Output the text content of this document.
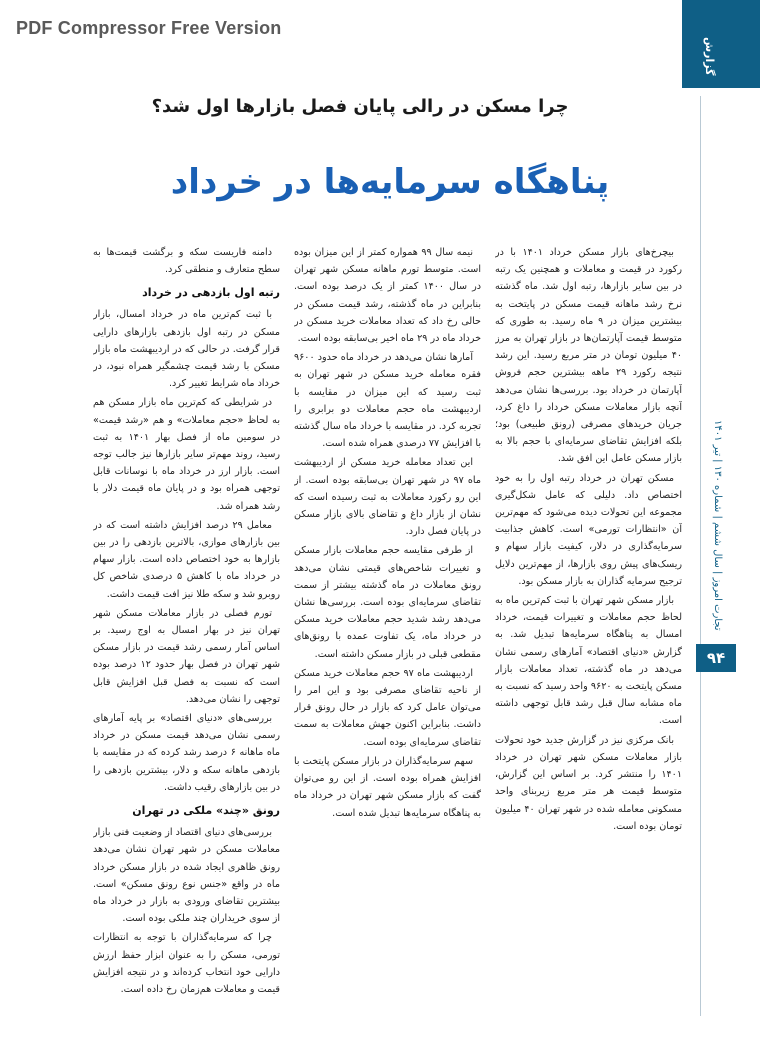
PDF Compressor Free Version
گزارش
تجارت امروز | سال ششم | شماره ۱۳۰ | تیر ۱۴۰۱
۹۴
چرا مسکن در رالی پایان فصل بازارها اول شد؟
پناهگاه سرمایه‌ها در خرداد

بیچرخ‌های بازار مسکن خرداد ۱۴۰۱ با در رکورد در قیمت و معاملات و همچنین یک رتبه در بین سایر بازارها، رتبه اول شد. ماه گذشته نرخ رشد ماهانه قیمت مسکن در پایتخت به بیشترین میزان در ۹ ماه رسید. به طوری که متوسط قیمت آپارتمان‌ها در بازار تهران به مرز ۴۰ میلیون تومان در متر مربع رسید. این رشد نتیجه رکورد ۲۹ ماهه بیشترین حجم فروش آپارتمان در خرداد بود. بررسی‌ها نشان می‌دهد آنچه بازار معاملات مسکن خرداد را داغ کرد، جریان خریدهای مصرفی (رونق طبیعی) بود؛ بلکه افزایش تقاضای سرمایه‌ای با حجم بالا به بازار مسکن عامل این افق شد.

مسکن تهران در خرداد رتبه اول را به خود اختصاص داد. دلیلی که عامل شکل‌گیری مجموعه این تحولات دیده می‌شود که مهم‌ترین آن «انتظارات تورمی» است. کاهش جذابیت سرمایه‌گذاری در دلار، کیفیت بازار سهام و ریسک‌های پیش روی بازارها، از مهم‌ترین دلایل ترجیح سرمایه‌ گذاران به بازار مسکن بود.

بازار مسکن شهر تهران با ثبت کم‌ترین ماه به لحاظ حجم معاملات و تغییرات قیمت، خرداد امسال به پناهگاه سرمایه‌ها تبدیل شد. به گزارش «دنیای اقتصاد» آمارهای رسمی نشان می‌دهد در ماه گذشته، تعداد معاملات بازار مسکن پایتخت به ۹۶۲۰ واحد رسید که نسبت به ماه مشابه سال قبل رشد قابل توجهی داشته است.

بانک مرکزی نیز در گزارش جدید خود تحولات بازار معاملات مسکن شهر تهران در خرداد ۱۴۰۱ را منتشر کرد. بر اساس این گزارش، متوسط قیمت هر متر مربع زیربنای واحد مسکونی معامله شده در شهر تهران ۴۰ میلیون تومان بوده است.

نیمه سال ۹۹ همواره کمتر از این میزان بوده است. متوسط تورم ماهانه مسکن شهر تهران در سال ۱۴۰۰ کمتر از یک درصد بوده است. بنابراین در ماه گذشته، رشد قیمت مسکن در حالی رخ داد که تعداد معاملات خرید مسکن در خرداد ماه در ۲۹ ماه اخیر بی‌سابقه بوده است.

آمارها نشان می‌دهد در خرداد ماه حدود ۹۶۰۰ فقره معامله خرید مسکن در شهر تهران به ثبت رسید که این میزان در مقایسه با اردیبهشت ماه حجم معاملات دو برابری را تجربه کرد. در مقایسه با خرداد ماه سال گذشته با افزایش ۷۷ درصدی همراه شده است.

این تعداد معامله خرید مسکن از اردیبهشت ماه ۹۷ در شهر تهران بی‌سابقه بوده است. از این رو رکورد معاملات به ثبت رسیده است که نشان از بازار داغ و تقاضای بالای بازار مسکن در پایان فصل دارد.

از طرفی مقایسه حجم معاملات بازار مسکن و تغییرات شاخص‌های قیمتی نشان می‌دهد رونق معاملات در ماه گذشته بیشتر از سمت تقاضای سرمایه‌ای بوده است. بررسی‌ها نشان می‌دهد رشد شدید حجم معاملات خرید مسکن در خرداد ماه، یک تفاوت عمده با رونق‌های مقطعی قبلی در بازار مسکن داشته است.

اردیبهشت ماه ۹۷ حجم معاملات خرید مسکن از ناحیه تقاضای مصرفی بود و این امر را می‌توان عامل کرد که بازار در حال رونق قرار داشت. بنابراین اکنون جهش معاملات به سمت تقاضای سرمایه‌ای بوده است.

سهم سرمایه‌گذاران در بازار مسکن پایتخت با افزایش همراه بوده است. از این رو می‌توان گفت که بازار مسکن شهر تهران در خرداد ماه به پناهگاه سرمایه‌ها تبدیل شده است.

دامنه فاریست سکه و برگشت قیمت‌ها به سطح متعارف و منطقی کرد.

رتبه اول بازدهی در خرداد

با ثبت کم‌ترین ماه در خرداد امسال، بازار مسکن در رتبه اول بازدهی بازارهای دارایی قرار گرفت. در حالی که در اردیبهشت ماه بازار مسکن با رشد قیمت چشمگیر همراه نبود، در خرداد ماه شرایط تغییر کرد.

در شرایطی که کم‌ترین ماه بازار مسکن هم به لحاظ «حجم معاملات» و هم «رشد قیمت» در سومین ماه از فصل بهار ۱۴۰۱ به ثبت رسید، روند مهم‌تر سایر بازارها نیز جالب توجه است. بازار ارز در خرداد ماه با نوسانات قابل توجهی همراه بود و در پایان ماه قیمت دلار با رشد همراه شد.

معامل ۲۹ درصد افزایش داشته است که در بین بازارهای موازی، بالاترین بازدهی را در بین بازارها به خود اختصاص داده است. بازار سهام در خرداد ماه با کاهش ۵ درصدی شاخص کل روبرو شد و سکه طلا نیز افت قیمت داشت.

تورم فصلی در بازار معاملات مسکن شهر تهران نیز در بهار امسال به اوج رسید. بر اساس آمار رسمی رشد قیمت در بازار مسکن شهر تهران در فصل بهار حدود ۱۲ درصد بوده است که نسبت به فصل قبل افزایش قابل توجهی را نشان می‌دهد.

بررسی‌های «دنیای اقتصاد» بر پایه آمارهای رسمی نشان می‌دهد قیمت مسکن در خرداد ماه ماهانه ۶ درصد رشد کرده که در مقایسه با بازدهی ماهانه سکه و دلار، بیشترین بازدهی را در بین بازارهای رقیب داشت.

رونق «چند» ملکی در تهران

بررسی‌های دنیای اقتصاد از وضعیت فنی بازار معاملات مسکن در شهر تهران نشان می‌دهد رونق ظاهری ایجاد شده در بازار مسکن خرداد ماه در واقع «جنس نوع رونق مسکن» است. بیشترین تقاضای ورودی به بازار در خرداد ماه از سوی خریداران چند ملکی بوده است.

چرا که سرمایه‌گذاران با توجه به انتظارات تورمی، مسکن را به عنوان ابزار حفظ ارزش دارایی خود انتخاب کرده‌اند و در نتیجه افزایش قیمت و معاملات هم‌زمان رخ داده است.
